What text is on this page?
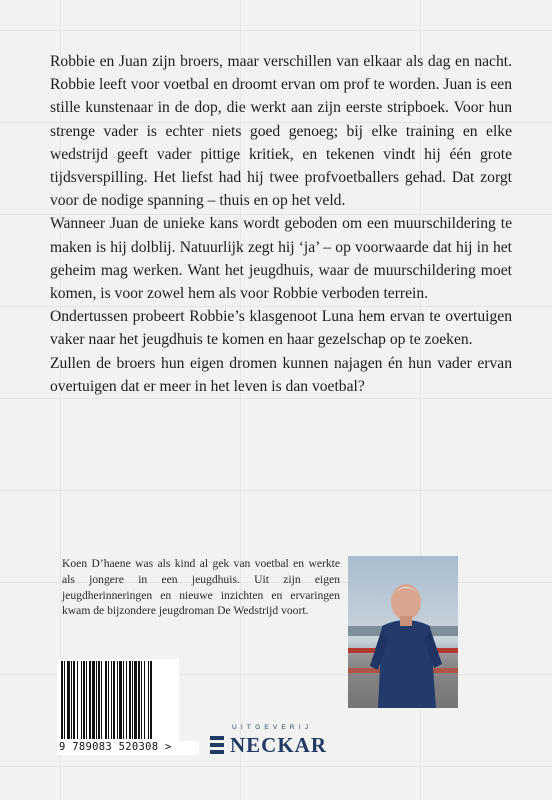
Robbie en Juan zijn broers, maar verschillen van elkaar als dag en nacht. Robbie leeft voor voetbal en droomt ervan om prof te worden. Juan is een stille kunstenaar in de dop, die werkt aan zijn eerste stripboek. Voor hun strenge vader is echter niets goed genoeg; bij elke training en elke wedstrijd geeft vader pittige kritiek, en tekenen vindt hij één grote tijdsverspilling. Het liefst had hij twee profvoetballers gehad. Dat zorgt voor de nodige spanning – thuis en op het veld.

Wanneer Juan de unieke kans wordt geboden om een muurschildering te maken is hij dolblij. Natuurlijk zegt hij ‘ja’ – op voorwaarde dat hij in het geheim mag werken. Want het jeugdhuis, waar de muurschildering moet komen, is voor zowel hem als voor Robbie verboden terrein.

Ondertussen probeert Robbie’s klasgenoot Luna hem ervan te overtuigen vaker naar het jeugdhuis te komen en haar gezelschap op te zoeken.

Zullen de broers hun eigen dromen kunnen najagen én hun vader ervan overtuigen dat er meer in het leven is dan voetbal?

Koen D’haene was als kind al gek van voetbal en werkte als jongere in een jeugdhuis. Uit zijn eigen jeugdherinneringen en nieuwe inzichten en ervaringen kwam de bijzondere jeugdroman De Wedstrijd voort.
9 789083 520308 >
UITGEVERIJ
NECKAR
